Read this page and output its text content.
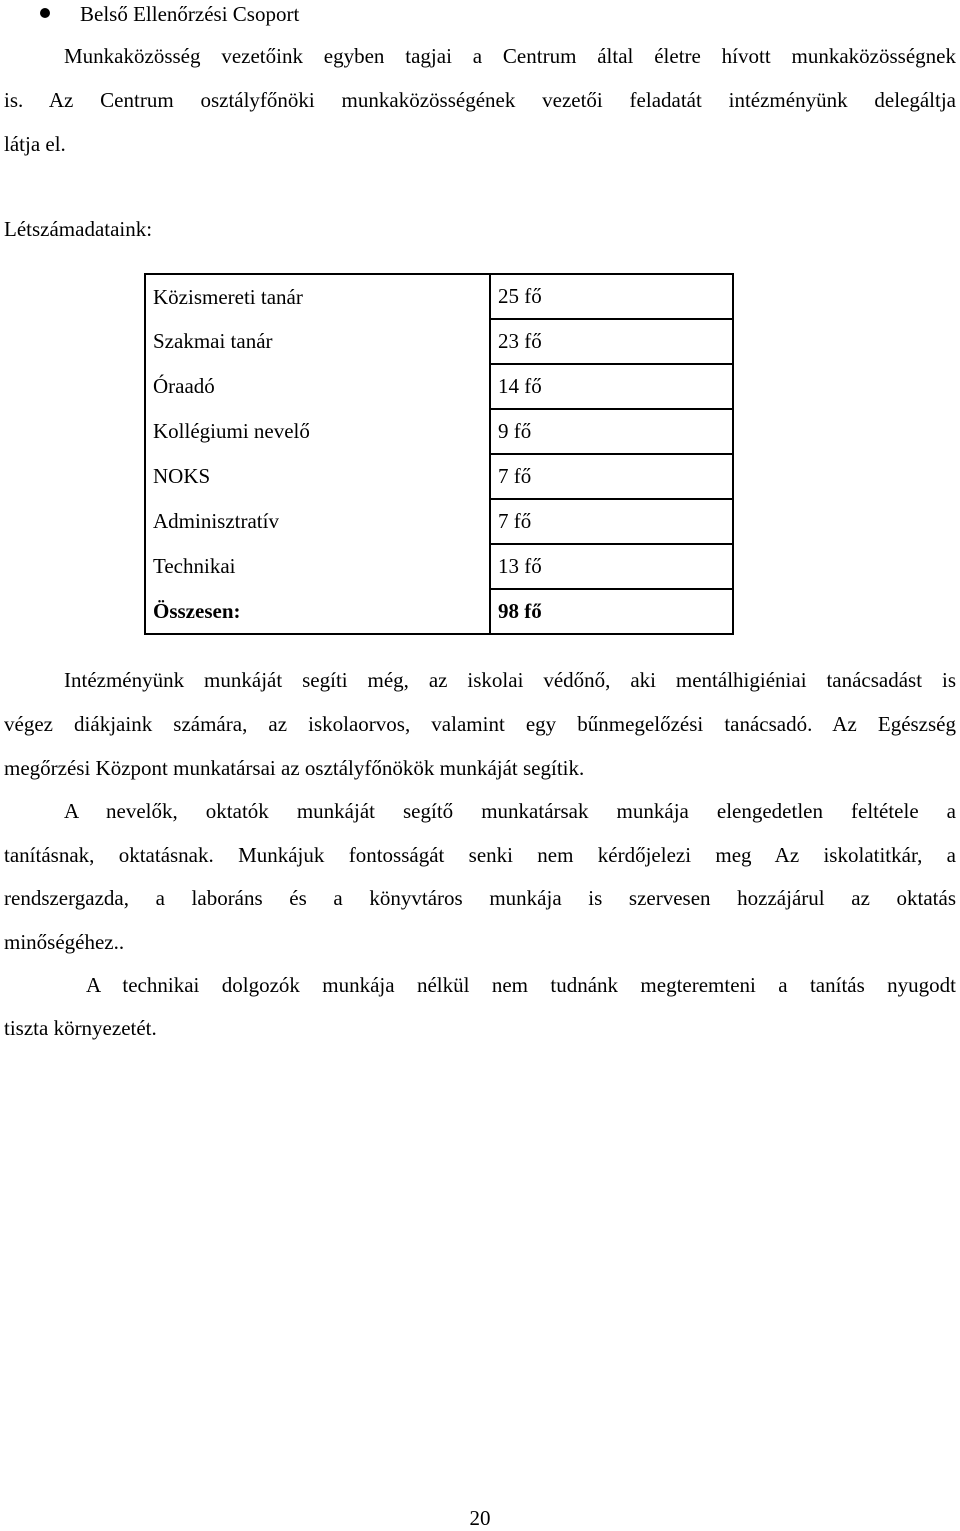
Belső Ellenőrzési Csoport
Munkaközösség vezetőink egyben tagjai a Centrum által életre hívott munkaközösségnek
is. Az Centrum osztályfőnöki munkaközösségének vezetői feladatát intézményünk delegáltja
látja el.
Létszámadataink:
Közismereti tanár	25 fő
Szakmai tanár	23 fő
Óraadó	14 fő
Kollégiumi nevelő	9 fő
NOKS	7 fő
Adminisztratív	7 fő
Technikai	13 fő
Összesen:	98 fő
Intézményünk munkáját segíti még, az iskolai védőnő, aki mentálhigiéniai tanácsadást is
végez diákjaink számára, az iskolaorvos, valamint egy bűnmegelőzési tanácsadó. Az Egészség
megőrzési Központ munkatársai az osztályfőnökök munkáját segítik.
A nevelők, oktatók munkáját segítő munkatársak munkája elengedetlen feltétele a
tanításnak, oktatásnak. Munkájuk fontosságát senki nem kérdőjelezi meg Az iskolatitkár, a
rendszergazda, a laboráns és a könyvtáros munkája is szervesen hozzájárul az oktatás
minőségéhez..
A technikai dolgozók munkája nélkül nem tudnánk megteremteni a tanítás nyugodt
tiszta környezetét.
20
